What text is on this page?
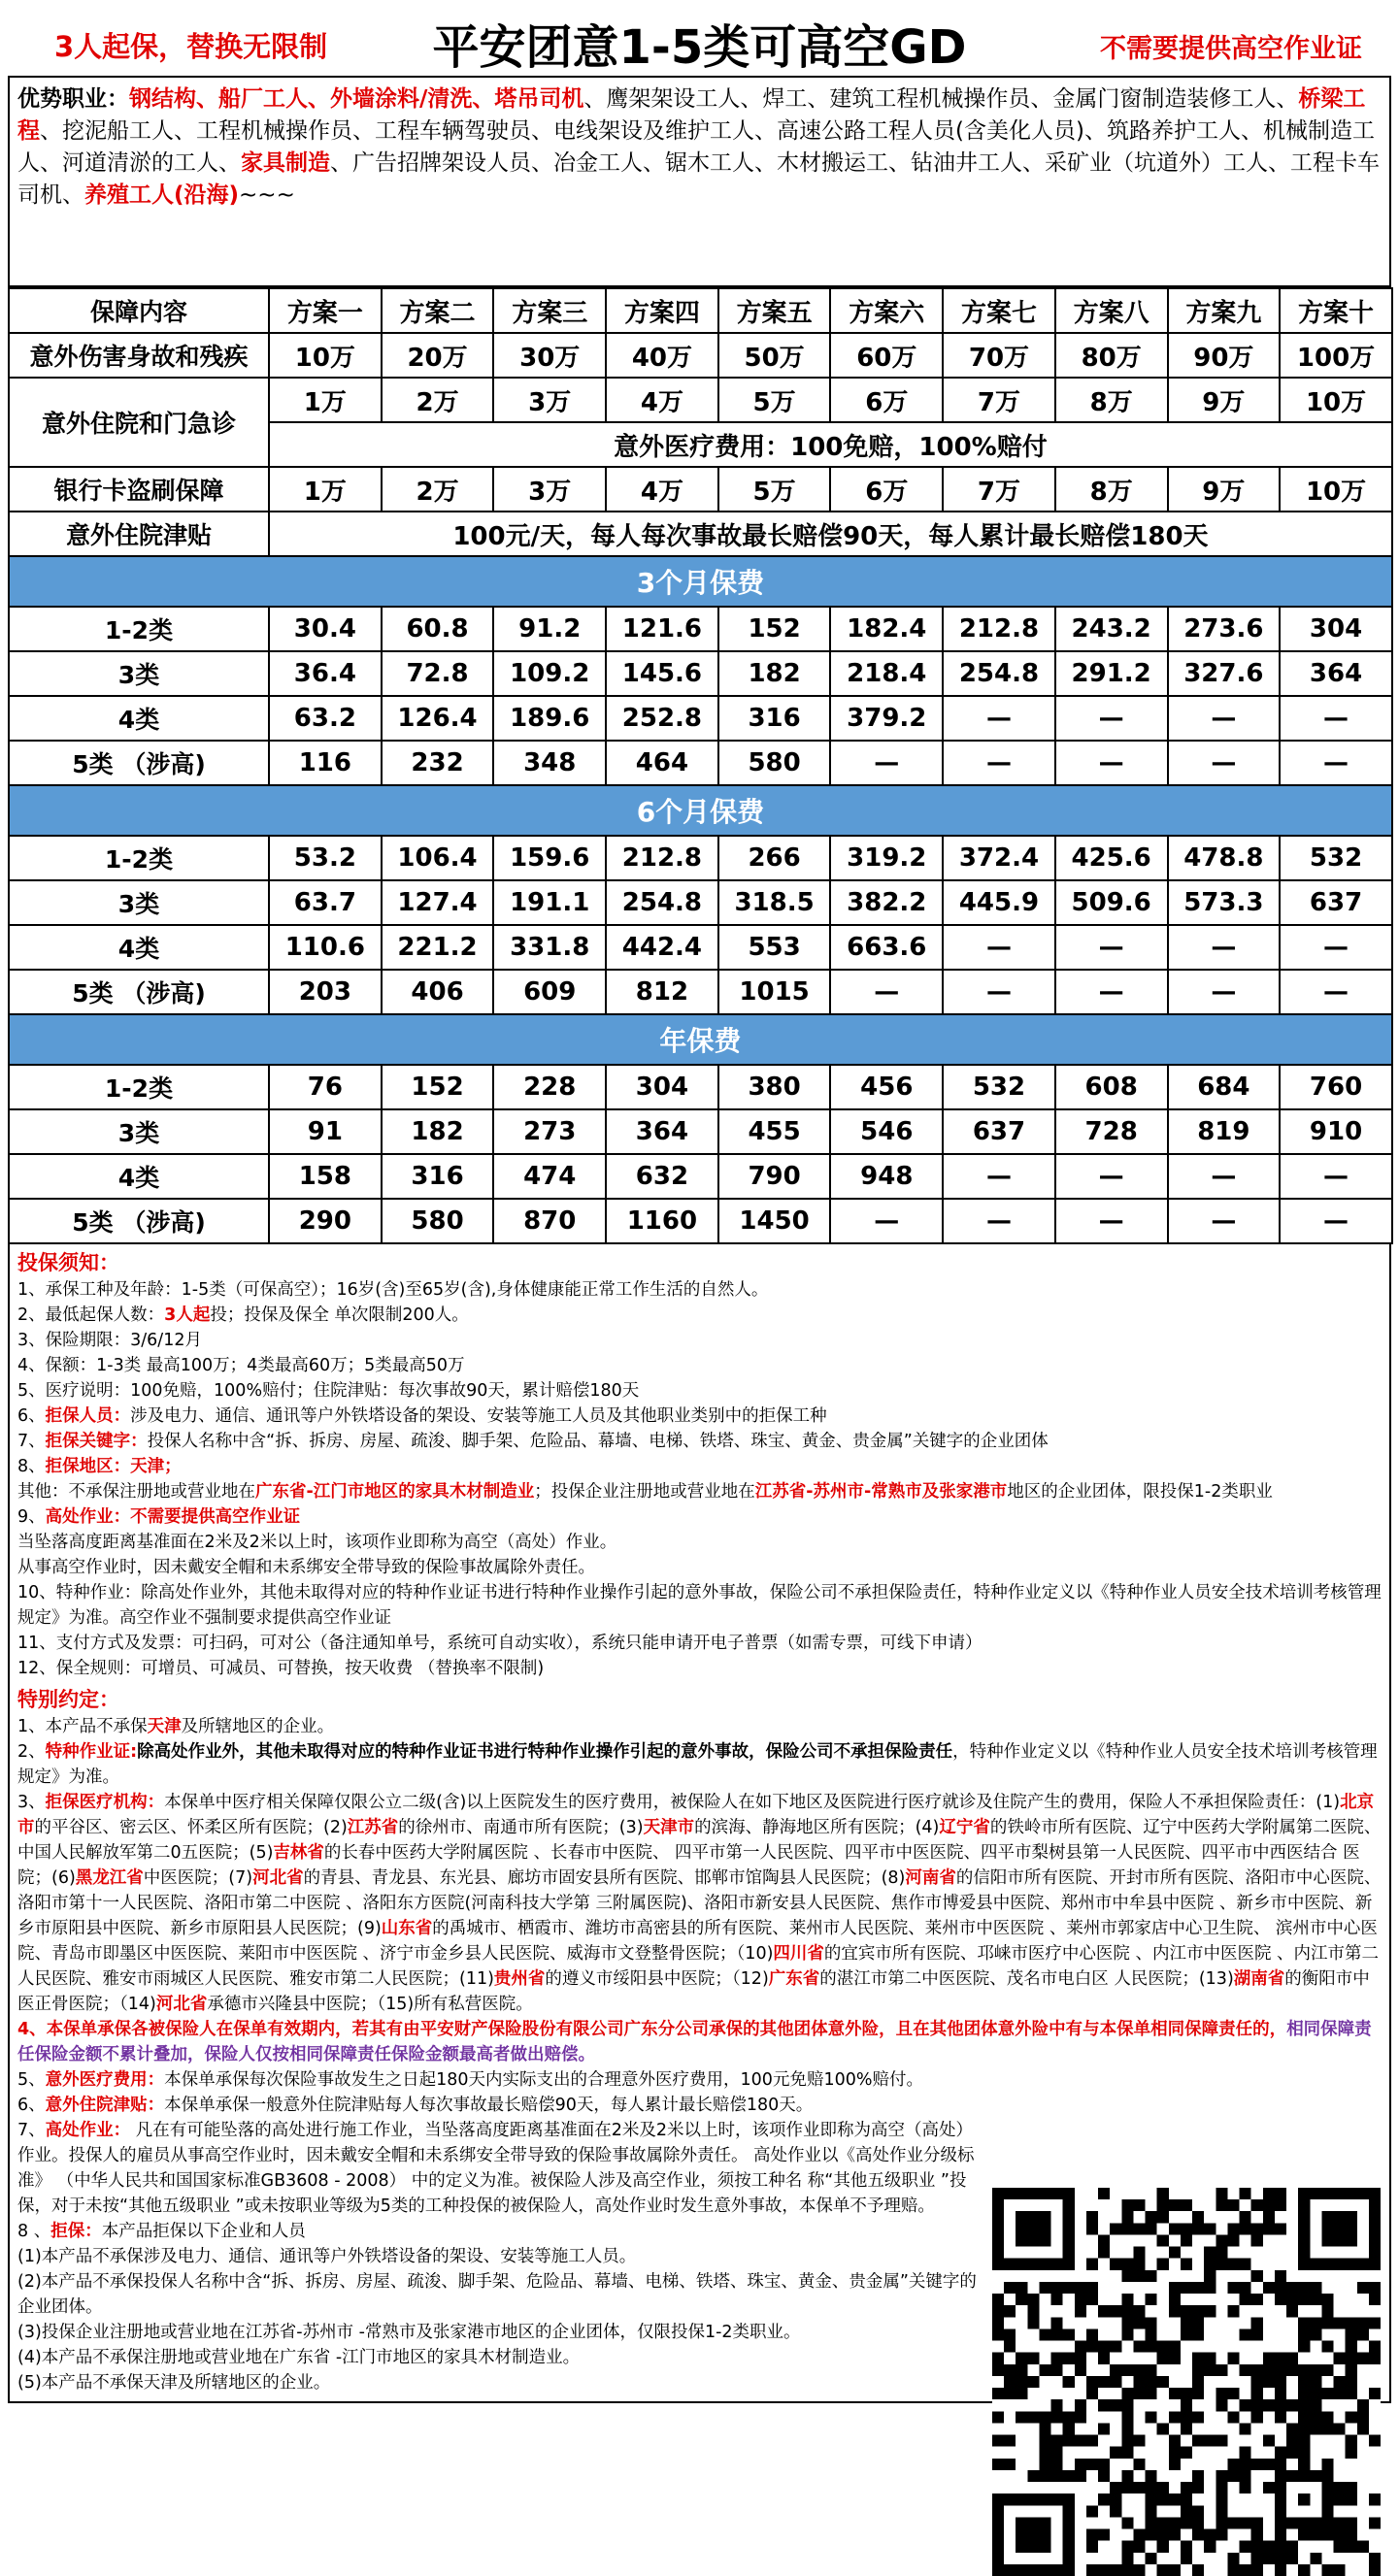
3人起保，替换无限制	平安团意1-5类可高空GD	不需要提供高空作业证
优势职业：钢结构、船厂工人、外墙涂料/清洗、塔吊司机、鹰架架设工人、焊工、建筑工程机械操作员、金属门窗制造装修工人、桥梁工程、挖泥船工人、工程机械操作员、工程车辆驾驶员、电线架设及维护工人、高速公路工程人员(含美化人员)、筑路养护工人、机械制造工人、河道清淤的工人、家具制造、广告招牌架设人员、冶金工人、锯木工人、木材搬运工、钻油井工人、采矿业（坑道外）工人、工程卡车司机、养殖工人(沿海)~~~
保障内容	方案一	方案二	方案三	方案四	方案五	方案六	方案七	方案八	方案九	方案十
意外伤害身故和残疾	10万	20万	30万	40万	50万	60万	70万	80万	90万	100万
意外住院和门急诊	1万	2万	3万	4万	5万	6万	7万	8万	9万	10万
	意外医疗费用：100免赔，100%赔付									
银行卡盗刷保障	1万	2万	3万	4万	5万	6万	7万	8万	9万	10万
意外住院津贴	100元/天，每人每次事故最长赔偿90天，每人累计最长赔偿180天									
3个月保费										
1-2类	30.4	60.8	91.2	121.6	152	182.4	212.8	243.2	273.6	304
3类	36.4	72.8	109.2	145.6	182	218.4	254.8	291.2	327.6	364
4类	63.2	126.4	189.6	252.8	316	379.2	—	—	—	—
5类 （涉高)	116	232	348	464	580	—	—	—	—	—
6个月保费										
1-2类	53.2	106.4	159.6	212.8	266	319.2	372.4	425.6	478.8	532
3类	63.7	127.4	191.1	254.8	318.5	382.2	445.9	509.6	573.3	637
4类	110.6	221.2	331.8	442.4	553	663.6	—	—	—	—
5类 （涉高)	203	406	609	812	1015	—	—	—	—	—
年保费										
1-2类	76	152	228	304	380	456	532	608	684	760
3类	91	182	273	364	455	546	637	728	819	910
4类	158	316	474	632	790	948	—	—	—	—
5类 （涉高)	290	580	870	1160	1450	—	—	—	—	—
投保须知：
1、承保工种及年龄：1-5类（可保高空）；16岁(含)至65岁(含),身体健康能正常工作生活的自然人。
2、最低起保人数：3人起投；投保及保全 单次限制200人。
3、保险期限：3/6/12月
4、保额：1-3类 最高100万；4类最高60万；5类最高50万
5、医疗说明：100免赔，100%赔付；住院津贴：每次事故90天，累计赔偿180天
6、拒保人员：涉及电力、通信、通讯等户外铁塔设备的架设、安装等施工人员及其他职业类别中的拒保工种
7、拒保关键字：投保人名称中含“拆、拆房、房屋、疏浚、脚手架、危险品、幕墙、电梯、铁塔、珠宝、黄金、贵金属”关键字的企业团体
8、拒保地区：天津；
其他：不承保注册地或营业地在广东省-江门市地区的家具木材制造业；投保企业注册地或营业地在江苏省-苏州市-常熟市及张家港市地区的企业团体，限投保1-2类职业
9、高处作业：不需要提供高空作业证
当坠落高度距离基准面在2米及2米以上时，该项作业即称为高空（高处）作业。
从事高空作业时，因未戴安全帽和未系绑安全带导致的保险事故属除外责任。
10、特种作业：除高处作业外，其他未取得对应的特种作业证书进行特种作业操作引起的意外事故，保险公司不承担保险责任，特种作业定义以《特种作业人员安全技术培训考核管理规定》为准。高空作业不强制要求提供高空作业证
11、支付方式及发票：可扫码，可对公（备注通知单号，系统可自动实收），系统只能申请开电子普票（如需专票，可线下申请）
12、保全规则：可增员、可减员、可替换，按天收费 （替换率不限制)
特别约定：
1、本产品不承保天津及所辖地区的企业。
2、特种作业证:除高处作业外，其他未取得对应的特种作业证书进行特种作业操作引起的意外事故，保险公司不承担保险责任，特种作业定义以《特种作业人员安全技术培训考核管理规定》为准。
3、拒保医疗机构：本保单中医疗相关保障仅限公立二级(含)以上医院发生的医疗费用，被保险人在如下地区及医院进行医疗就诊及住院产生的费用，保险人不承担保险责任：(1)北京市的平谷区、密云区、怀柔区所有医院；(2)江苏省的徐州市、南通市所有医院；(3)天津市的滨海、静海地区所有医院；(4)辽宁省的铁岭市所有医院、辽宁中医药大学附属第二医院、 中国人民解放军第二0五医院；(5)吉林省的长春中医药大学附属医院 、长春市中医院、 四平市第一人民医院、四平市中医医院、四平市梨树县第一人民医院、四平市中西医结合 医院；(6)黑龙江省中医医院；(7)河北省的青县、青龙县、东光县、廊坊市固安县所有医院、邯郸市馆陶县人民医院；(8)河南省的信阳市所有医院、开封市所有医院、洛阳市中心医院、洛阳市第十一人民医院、洛阳市第二中医院 、洛阳东方医院(河南科技大学第 三附属医院)、洛阳市新安县人民医院、焦作市博爱县中医院、郑州市中牟县中医院 、新乡市中医院、新乡市原阳县中医院、新乡市原阳县人民医院；(9)山东省的禹城市、栖霞市、潍坊市高密县的所有医院、莱州市人民医院、莱州市中医医院 、莱州市郭家店中心卫生院、 滨州市中心医院、青岛市即墨区中医医院、莱阳市中医医院 、济宁市金乡县人民医院、威海市文登整骨医院；（10)四川省的宜宾市所有医院、邛崃市医疗中心医院 、内江市中医医院 、内江市第二人民医院、雅安市雨城区人民医院、雅安市第二人民医院；(11)贵州省的遵义市绥阳县中医院；（12)广东省的湛江市第二中医医院、茂名市电白区 人民医院；(13)湖南省的衡阳市中医正骨医院；（14)河北省承德市兴隆县中医院；（15)所有私营医院。
4、本保单承保各被保险人在保单有效期内，若其有由平安财产保险股份有限公司广东分公司承保的其他团体意外险，且在其他团体意外险中有与本保单相同保障责任的，相同保障责任保险金额不累计叠加，保险人仅按相同保障责任保险金额最高者做出赔偿。
5、意外医疗费用：本保单承保每次保险事故发生之日起180天内实际支出的合理意外医疗费用，100元免赔100%赔付。
6、意外住院津贴：本保单承保一般意外住院津贴每人每次事故最长赔偿90天，每人累计最长赔偿180天。
7、高处作业： 凡在有可能坠落的高处进行施工作业，当坠落高度距离基准面在2米及2米以上时，该项作业即称为高空（高处）作业。投保人的雇员从事高空作业时，因未戴安全帽和未系绑安全带导致的保险事故属除外责任。 高处作业以《高处作业分级标准》 （中华人民共和国国家标准GB3608 - 2008） 中的定义为准。被保险人涉及高空作业，须按工种名 称“其他五级职业 ”投保，对于未按“其他五级职业 ”或未按职业等级为5类的工种投保的被保险人，高处作业时发生意外事故，本保单不予理赔。
8 、拒保：本产品拒保以下企业和人员
(1)本产品不承保涉及电力、通信、通讯等户外铁塔设备的架设、安装等施工人员。
(2)本产品不承保投保人名称中含“拆、拆房、房屋、疏浚、脚手架、危险品、幕墙、电梯、铁塔、珠宝、黄金、贵金属”关键字的企业团体。
(3)投保企业注册地或营业地在江苏省-苏州市 -常熟市及张家港市地区的企业团体，仅限投保1-2类职业。
(4)本产品不承保注册地或营业地在广东省 -江门市地区的家具木材制造业。
(5)本产品不承保天津及所辖地区的企业。
